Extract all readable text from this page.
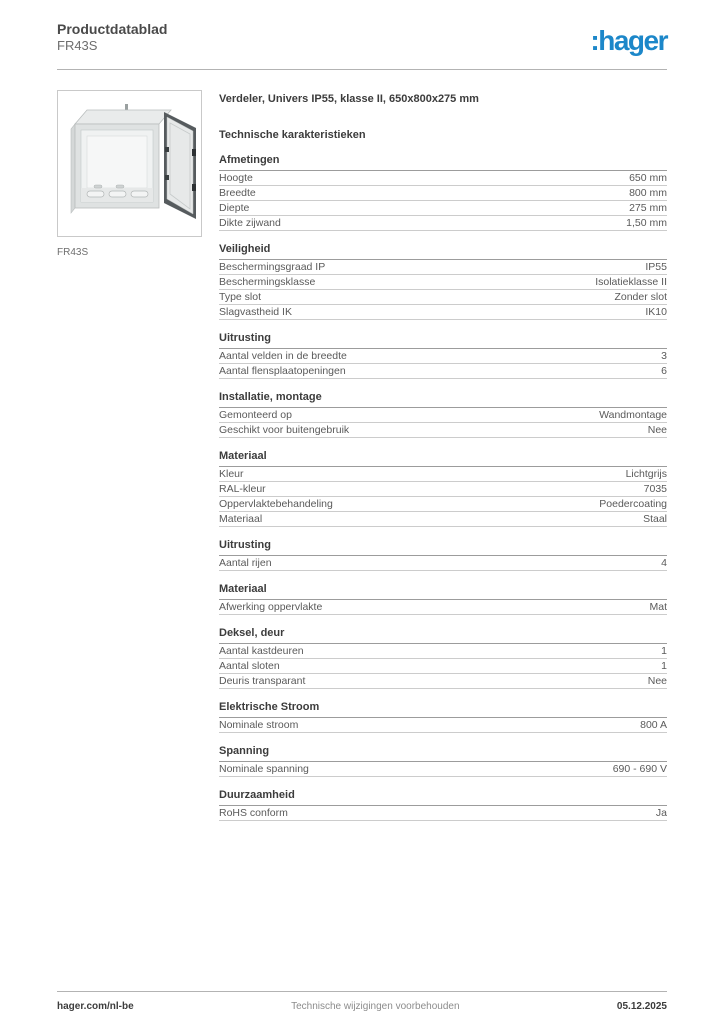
Productdatablad
FR43S	:hager
FR43S
Verdeler, Univers IP55, klasse II, 650x800x275 mm
Technische karakteristieken
Afmetingen
Hoogte	650 mm
Breedte	800 mm
Diepte	275 mm
Dikte zijwand	1,50 mm
Veiligheid
Beschermingsgraad IP	IP55
Beschermingsklasse	Isolatieklasse II
Type slot	Zonder slot
Slagvastheid IK	IK10
Uitrusting
Aantal velden in de breedte	3
Aantal flensplaatopeningen	6
Installatie, montage
Gemonteerd op	Wandmontage
Geschikt voor buitengebruik	Nee
Materiaal
Kleur	Lichtgrijs
RAL-kleur	7035
Oppervlaktebehandeling	Poedercoating
Materiaal	Staal
Uitrusting
Aantal rijen	4
Materiaal
Afwerking oppervlakte	Mat
Deksel, deur
Aantal kastdeuren	1
Aantal sloten	1
Deuris transparant	Nee
Elektrische Stroom
Nominale stroom	800 A
Spanning
Nominale spanning	690 - 690 V
Duurzaamheid
RoHS conform	Ja
hager.com/nl-be	Technische wijzigingen voorbehouden	05.12.2025
